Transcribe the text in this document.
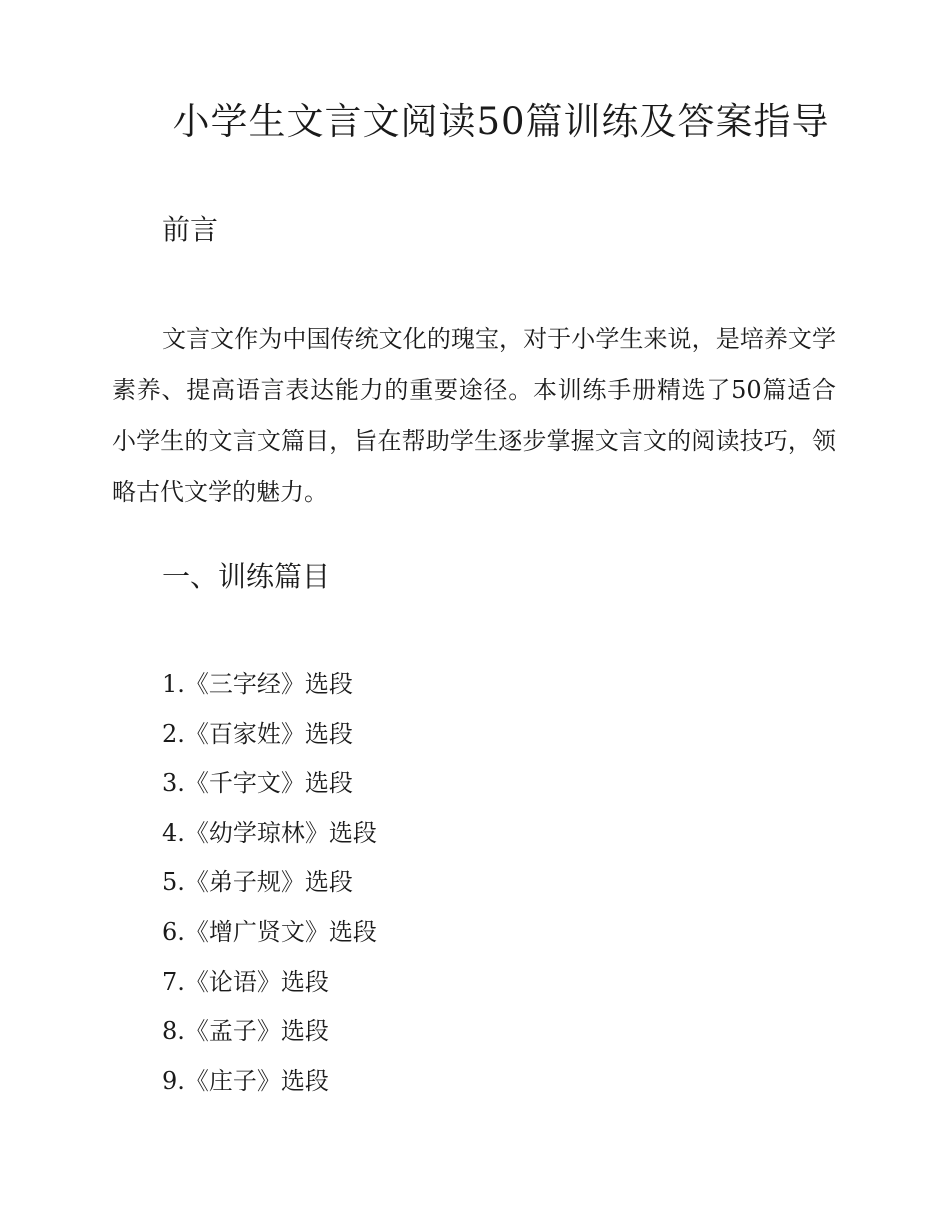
小学生文言文阅读50篇训练及答案指导
前言

文言文作为中国传统文化的瑰宝，对于小学生来说，是培养文学素养、提高语言表达能力的重要途径。本训练手册精选了50篇适合小学生的文言文篇目，旨在帮助学生逐步掌握文言文的阅读技巧，领略古代文学的魅力。

一、训练篇目
1.《三字经》选段
2.《百家姓》选段
3.《千字文》选段
4.《幼学琼林》选段
5.《弟子规》选段
6.《增广贤文》选段
7.《论语》选段
8.《孟子》选段
9.《庄子》选段
